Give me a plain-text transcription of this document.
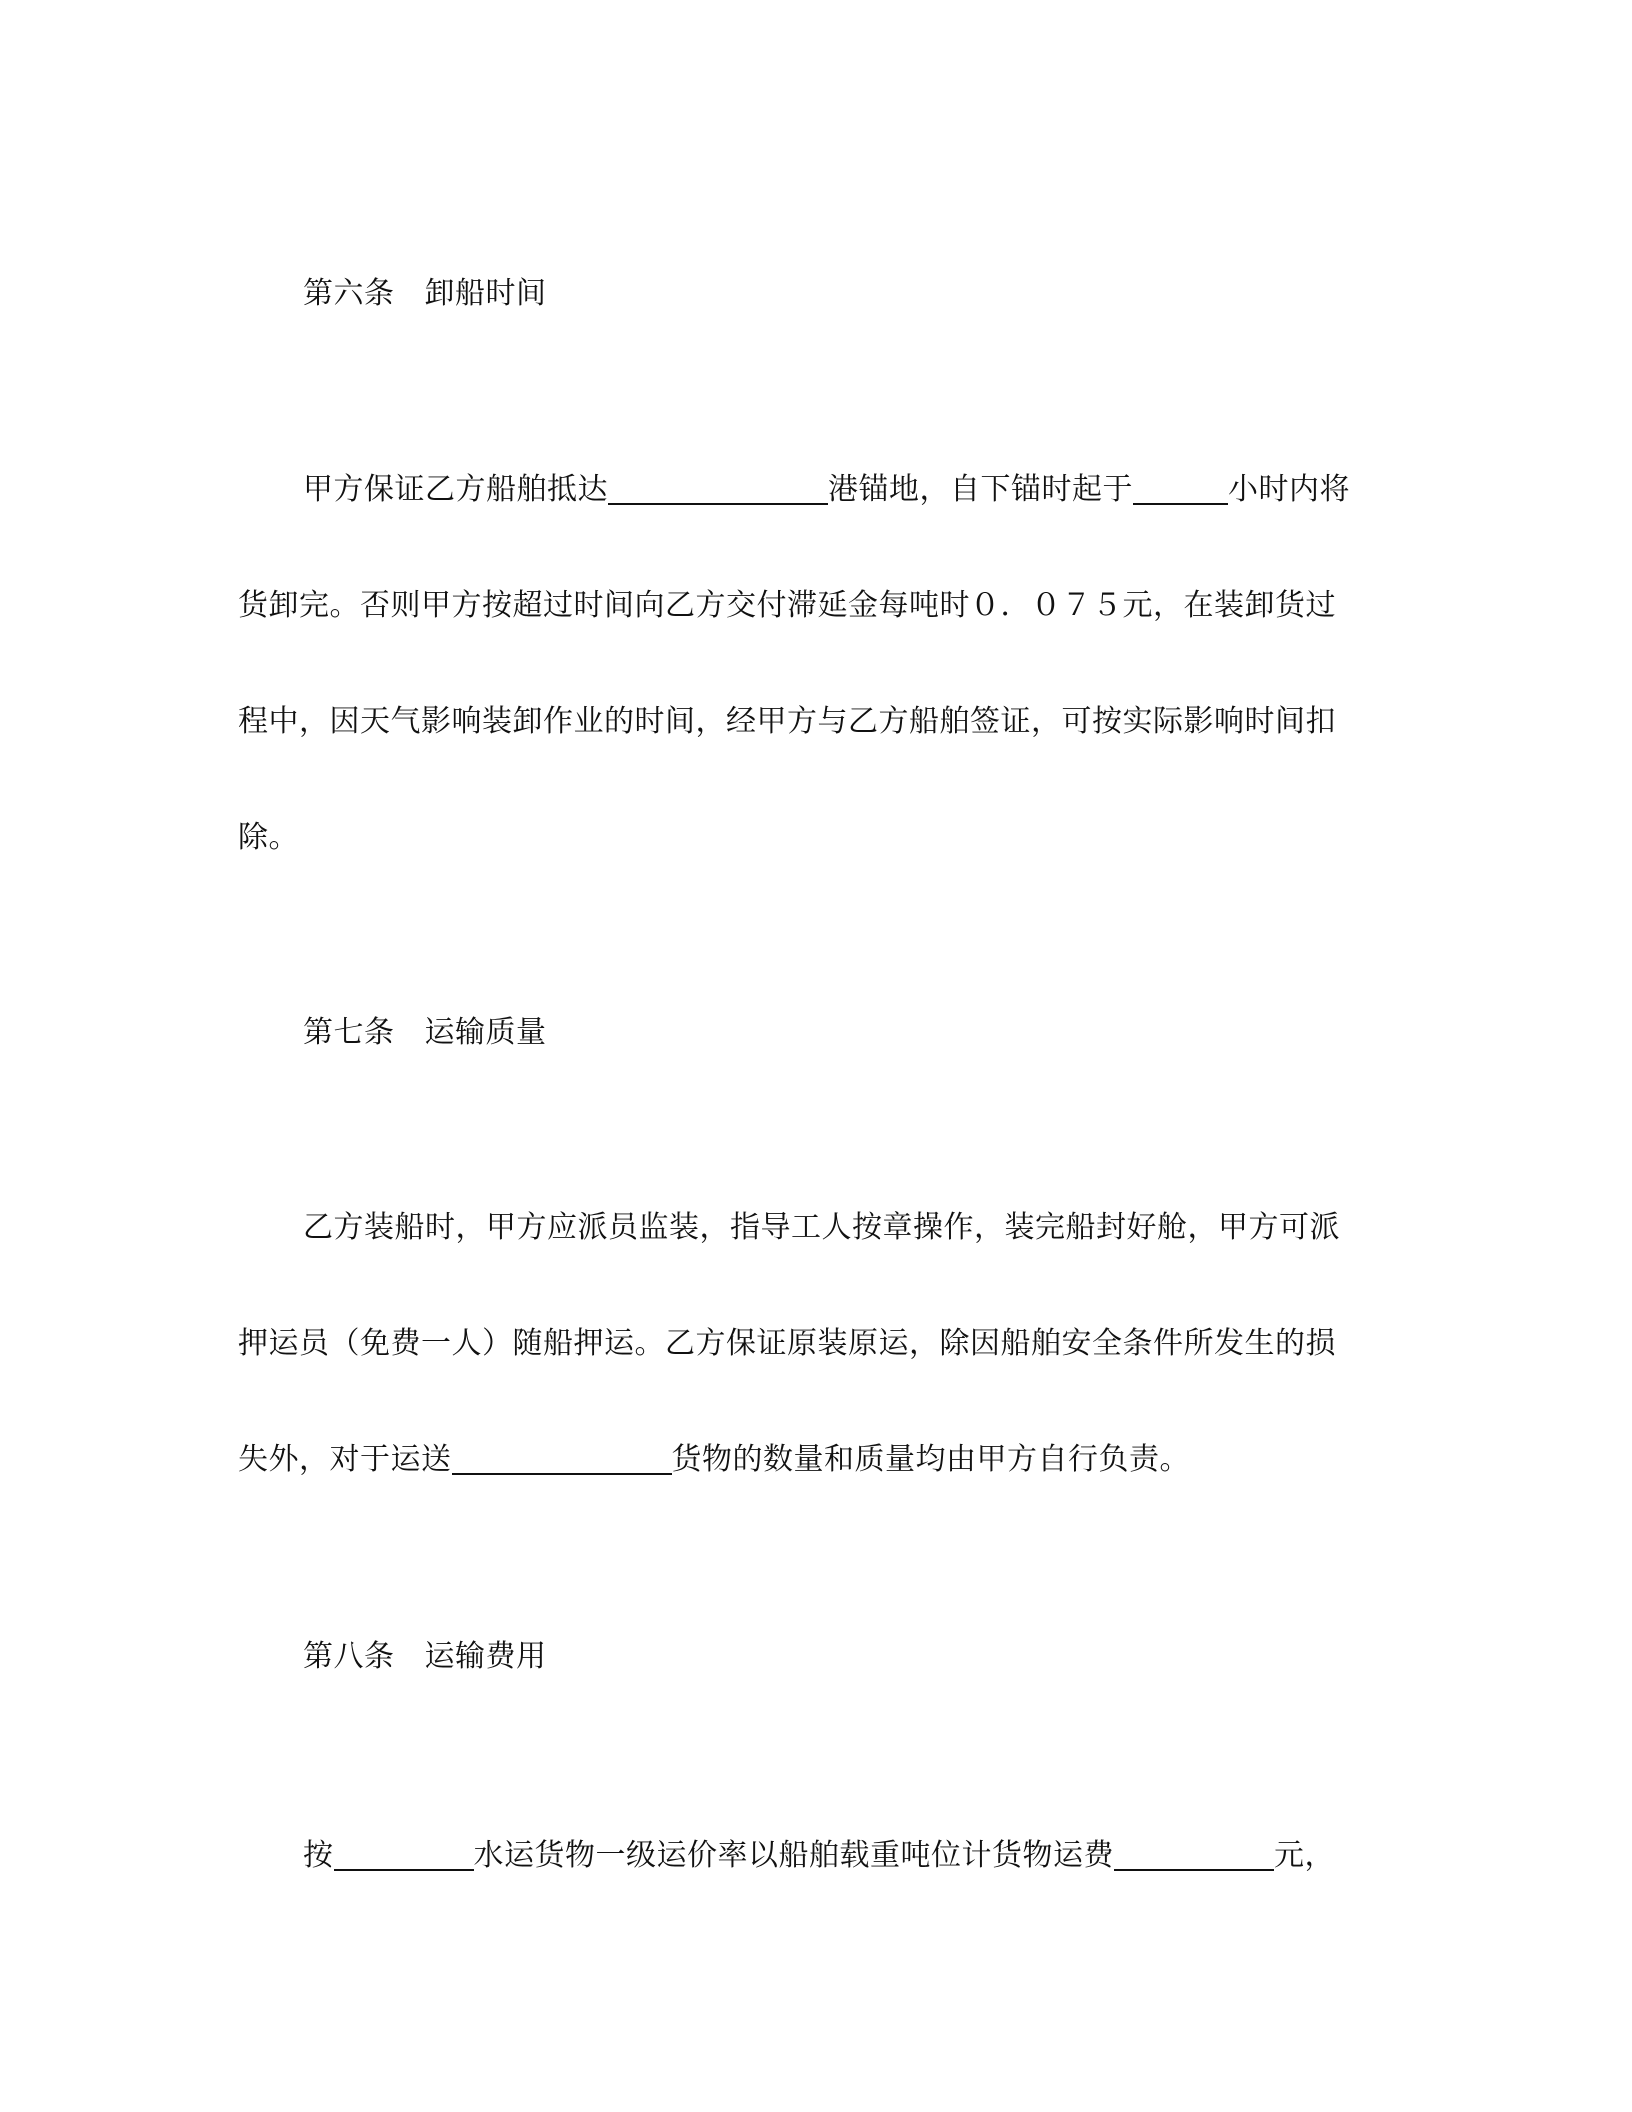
第六条 卸船时间
甲方保证乙方船舶抵达	港锚地，自下锚时起于	小时内将
货卸完。否则甲方按超过时间向乙方交付滞延金每吨时０．０７５元，在装卸货过
程中，因天气影响装卸作业的时间，经甲方与乙方船舶签证，可按实际影响时间扣
除。
第七条 运输质量
乙方装船时，甲方应派员监装，指导工人按章操作，装完船封好舱，甲方可派
押运员（免费一人）随船押运。乙方保证原装原运，除因船舶安全条件所发生的损
失外，对于运送	货物的数量和质量均由甲方自行负责。
第八条 运输费用
按	水运货物一级运价率以船舶载重吨位计货物运费	元，
